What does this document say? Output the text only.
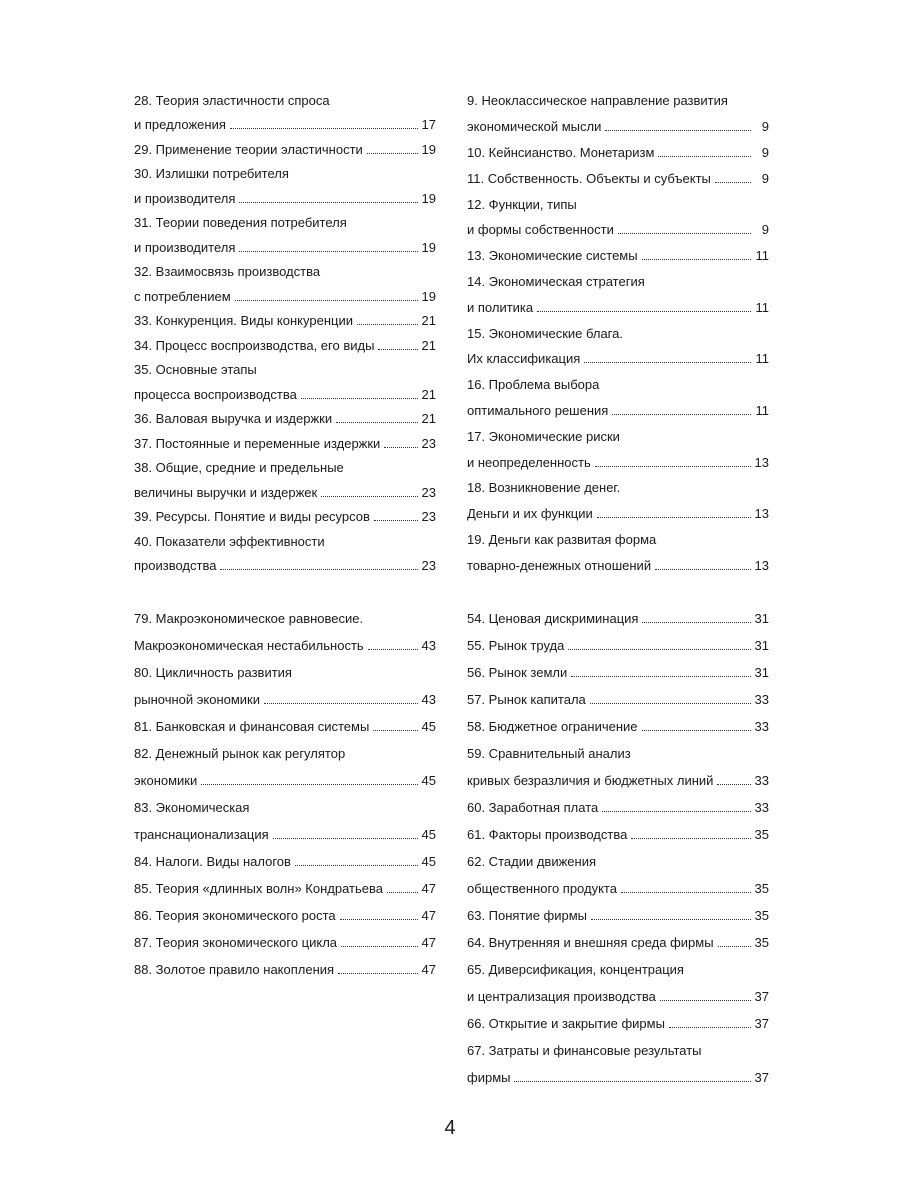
28. Теория эластичности спроса
и предложения	17
29. Применение теории эластичности	19
30. Излишки потребителя
и производителя	19
31. Теории поведения потребителя
и производителя	19
32. Взаимосвязь производства
с потреблением	19
33. Конкуренция. Виды конкуренции	21
34. Процесс воспроизводства, его виды	21
35. Основные этапы
процесса воспроизводства	21
36. Валовая выручка и издержки	21
37. Постоянные и переменные издержки	23
38. Общие, средние и предельные
величины выручки и издержек	23
39. Ресурсы. Понятие и виды ресурсов	23
40. Показатели эффективности
производства	23
9. Неоклассическое направление развития
экономической мысли	9
10. Кейнсианство. Монетаризм	9
11. Собственность. Объекты и субъекты	9
12. Функции, типы
и формы собственности	9
13. Экономические системы	11
14. Экономическая стратегия
и политика	11
15. Экономические блага.
Их классификация	11
16. Проблема выбора
оптимального решения	11
17. Экономические риски
и неопределенность	13
18. Возникновение денег.
Деньги и их функции	13
19. Деньги как развитая форма
товарно-денежных отношений	13
79. Макроэкономическое равновесие.
Макроэкономическая нестабильность	43
80. Цикличность развития
рыночной экономики	43
81. Банковская и финансовая системы	45
82. Денежный рынок как регулятор
экономики	45
83. Экономическая
транснационализация	45
84. Налоги. Виды налогов	45
85. Теория «длинных волн» Кондратьева	47
86. Теория экономического роста	47
87. Теория экономического цикла	47
88. Золотое правило накопления	47
54. Ценовая дискриминация	31
55. Рынок труда	31
56. Рынок земли	31
57. Рынок капитала	33
58. Бюджетное ограничение	33
59. Сравнительный анализ
кривых безразличия и бюджетных линий	33
60. Заработная плата	33
61. Факторы производства	35
62. Стадии движения
общественного продукта	35
63. Понятие фирмы	35
64. Внутренняя и внешняя среда фирмы	35
65. Диверсификация, концентрация
и централизация производства	37
66. Открытие и закрытие фирмы	37
67. Затраты и финансовые результаты
фирмы	37
4
